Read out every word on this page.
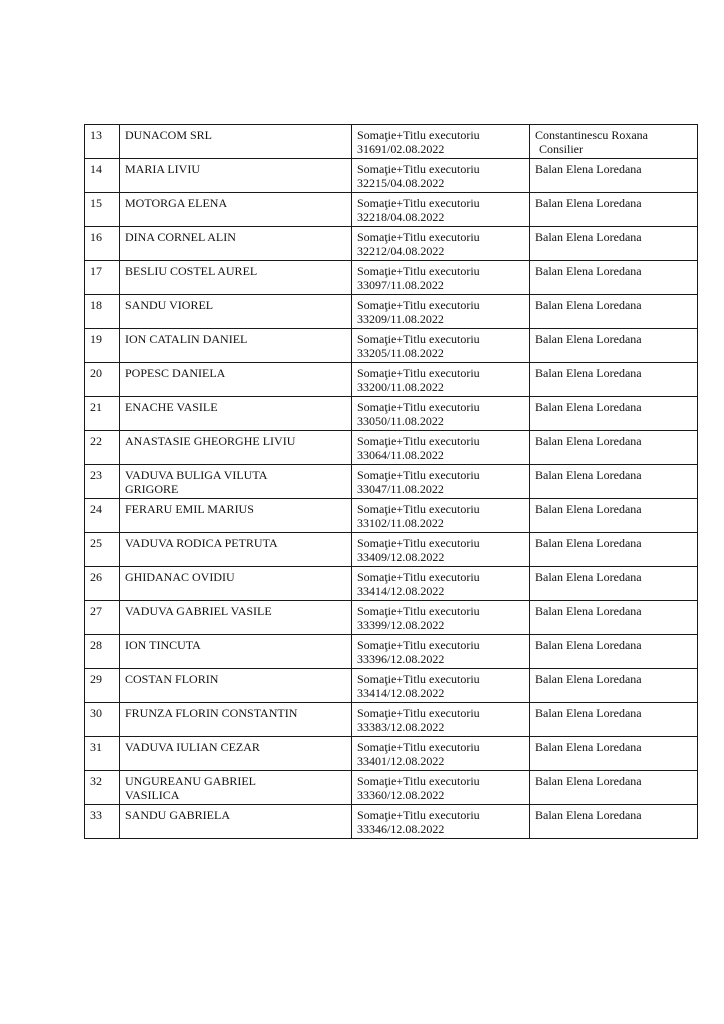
13	DUNACOM SRL	Somaţie+Titlu executoriu
31691/02.08.2022	Constantinescu Roxana
Consilier

14	MARIA LIVIU	Somaţie+Titlu executoriu
32215/04.08.2022	Balan Elena Loredana

15	MOTORGA ELENA	Somaţie+Titlu executoriu
32218/04.08.2022	Balan Elena Loredana

16	DINA CORNEL ALIN	Somaţie+Titlu executoriu
32212/04.08.2022	Balan Elena Loredana

17	BESLIU COSTEL AUREL	Somaţie+Titlu executoriu
33097/11.08.2022	Balan Elena Loredana

18	SANDU VIOREL	Somaţie+Titlu executoriu
33209/11.08.2022	Balan Elena Loredana

19	ION CATALIN DANIEL	Somaţie+Titlu executoriu
33205/11.08.2022	Balan Elena Loredana

20	POPESC DANIELA	Somaţie+Titlu executoriu
33200/11.08.2022	Balan Elena Loredana

21	ENACHE VASILE	Somaţie+Titlu executoriu
33050/11.08.2022	Balan Elena Loredana

22	ANASTASIE GHEORGHE LIVIU	Somaţie+Titlu executoriu
33064/11.08.2022	Balan Elena Loredana

23	VADUVA BULIGA VILUTA
GRIGORE	Somaţie+Titlu executoriu
33047/11.08.2022	Balan Elena Loredana

24	FERARU EMIL MARIUS	Somaţie+Titlu executoriu
33102/11.08.2022	Balan Elena Loredana

25	VADUVA RODICA PETRUTA	Somaţie+Titlu executoriu
33409/12.08.2022	Balan Elena Loredana

26	GHIDANAC OVIDIU	Somaţie+Titlu executoriu
33414/12.08.2022	Balan Elena Loredana

27	VADUVA GABRIEL VASILE	Somaţie+Titlu executoriu
33399/12.08.2022	Balan Elena Loredana

28	ION TINCUTA	Somaţie+Titlu executoriu
33396/12.08.2022	Balan Elena Loredana

29	COSTAN FLORIN	Somaţie+Titlu executoriu
33414/12.08.2022	Balan Elena Loredana

30	FRUNZA FLORIN CONSTANTIN	Somaţie+Titlu executoriu
33383/12.08.2022	Balan Elena Loredana

31	VADUVA IULIAN CEZAR	Somaţie+Titlu executoriu
33401/12.08.2022	Balan Elena Loredana

32	UNGUREANU GABRIEL
VASILICA	Somaţie+Titlu executoriu
33360/12.08.2022	Balan Elena Loredana

33	SANDU GABRIELA	Somaţie+Titlu executoriu
33346/12.08.2022	Balan Elena Loredana
